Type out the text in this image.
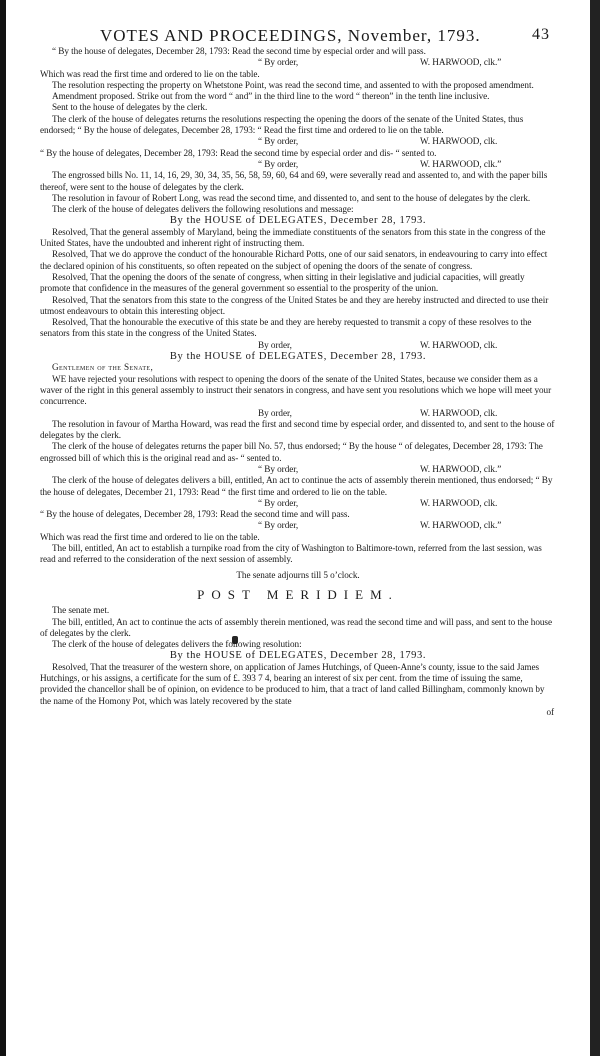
VOTES AND PROCEEDINGS, November, 1793.	43

“ By the house of delegates, December 28, 1793: Read the second time by especial order and will pass.

“ By order,	W. HARWOOD, clk.”

Which was read the first time and ordered to lie on the table.

The resolution respecting the property on Whetstone Point, was read the second time, and assented to with the proposed amendment.

Amendment proposed. Strike out from the word “ and” in the third line to the word “ thereon” in the tenth line inclusive.

Sent to the house of delegates by the clerk.

The clerk of the house of delegates returns the resolutions respecting the opening the doors of the senate of the United States, thus endorsed; “ By the house of delegates, December 28, 1793: “ Read the first time and ordered to lie on the table.

“ By order,	W. HARWOOD, clk.

“ By the house of delegates, December 28, 1793: Read the second time by especial order and dis- “ sented to.

“ By order,	W. HARWOOD, clk.”

The engrossed bills No. 11, 14, 16, 29, 30, 34, 35, 56, 58, 59, 60, 64 and 69, were severally read and assented to, and with the paper bills thereof, were sent to the house of delegates by the clerk.

The resolution in favour of Robert Long, was read the second time, and dissented to, and sent to the house of delegates by the clerk.

The clerk of the house of delegates delivers the following resolutions and message:

By the HOUSE of DELEGATES, December 28, 1793.

Resolved, That the general assembly of Maryland, being the immediate constituents of the senators from this state in the congress of the United States, have the undoubted and inherent right of instructing them.

Resolved, That we do approve the conduct of the honourable Richard Potts, one of our said senators, in endeavouring to carry into effect the declared opinion of his constituents, so often repeated on the subject of opening the doors of the senate of congress.

Resolved, That the opening the doors of the senate of congress, when sitting in their legislative and judicial capacities, will greatly promote that confidence in the measures of the general government so essential to the prosperity of the union.

Resolved, That the senators from this state to the congress of the United States be and they are hereby instructed and directed to use their utmost endeavours to obtain this interesting object.

Resolved, That the honourable the executive of this state be and they are hereby requested to transmit a copy of these resolves to the senators from this state in the congress of the United States.

By order,	W. HARWOOD, clk.

By the HOUSE of DELEGATES, December 28, 1793.

Gentlemen of the Senate,

WE have rejected your resolutions with respect to opening the doors of the senate of the United States, because we consider them as a waver of the right in this general assembly to instruct their senators in congress, and have sent you resolutions which we hope will meet your concurrence.

By order,	W. HARWOOD, clk.

The resolution in favour of Martha Howard, was read the first and second time by especial order, and dissented to, and sent to the house of delegates by the clerk.

The clerk of the house of delegates returns the paper bill No. 57, thus endorsed; “ By the house “ of delegates, December 28, 1793: The engrossed bill of which this is the original read and as- “ sented to.

“ By order,	W. HARWOOD, clk.”

The clerk of the house of delegates delivers a bill, entitled, An act to continue the acts of assembly therein mentioned, thus endorsed; “ By the house of delegates, December 21, 1793: Read “ the first time and ordered to lie on the table.

“ By order,	W. HARWOOD, clk.

“ By the house of delegates, December 28, 1793: Read the second time and will pass.

“ By order,	W. HARWOOD, clk.”

Which was read the first time and ordered to lie on the table.

The bill, entitled, An act to establish a turnpike road from the city of Washington to Baltimore-town, referred from the last session, was read and referred to the consideration of the next session of assembly.

The senate adjourns till 5 o’clock.

POST MERIDIEM.

The senate met.

The bill, entitled, An act to continue the acts of assembly therein mentioned, was read the second time and will pass, and sent to the house of delegates by the clerk.

The clerk of the house of delegates delivers the following resolution:

By the HOUSE of DELEGATES, December 28, 1793.

Resolved, That the treasurer of the western shore, on application of James Hutchings, of Queen-Anne’s county, issue to the said James Hutchings, or his assigns, a certificate for the sum of £. 393 7 4, bearing an interest of six per cent. from the time of issuing the same, provided the chancellor shall be of opinion, on evidence to be produced to him, that a tract of land called Billingham, commonly known by the name of the Homony Pot, which was lately recovered by the state

of
